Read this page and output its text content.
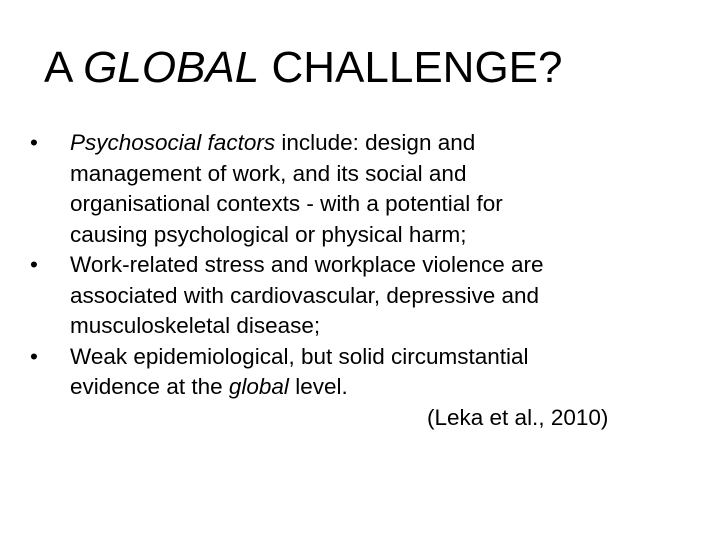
A GLOBAL CHALLENGE?
•	Psychosocial factors include: design and
management of work, and its social and
organisational contexts - with a potential for
causing psychological or physical harm;
•	Work-related stress and workplace violence are
associated with cardiovascular, depressive and
musculoskeletal disease;
•	Weak epidemiological, but solid circumstantial
evidence at the global level.
(Leka et al., 2010)
